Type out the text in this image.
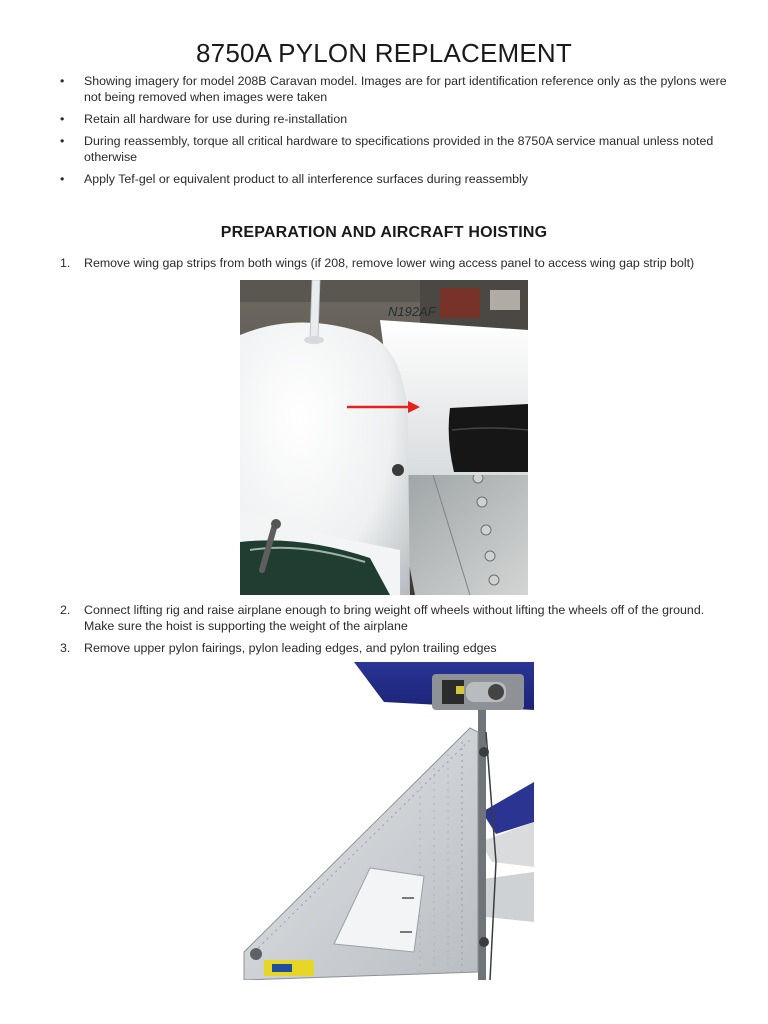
8750A PYLON REPLACEMENT
• Showing imagery for model 208B Caravan model. Images are for part identification reference only as the pylons were not being removed when images were taken
• Retain all hardware for use during re-installation
• During reassembly, torque all critical hardware to specifications provided in the 8750A service manual unless noted otherwise
• Apply Tef-gel or equivalent product to all interference surfaces during reassembly
PREPARATION AND AIRCRAFT HOISTING
1. Remove wing gap strips from both wings (if 208, remove lower wing access panel to access wing gap strip bolt)
N192AF
2. Connect lifting rig and raise airplane enough to bring weight off wheels without lifting the wheels off of the ground. Make sure the hoist is supporting the weight of the airplane
3. Remove upper pylon fairings, pylon leading edges, and pylon trailing edges
